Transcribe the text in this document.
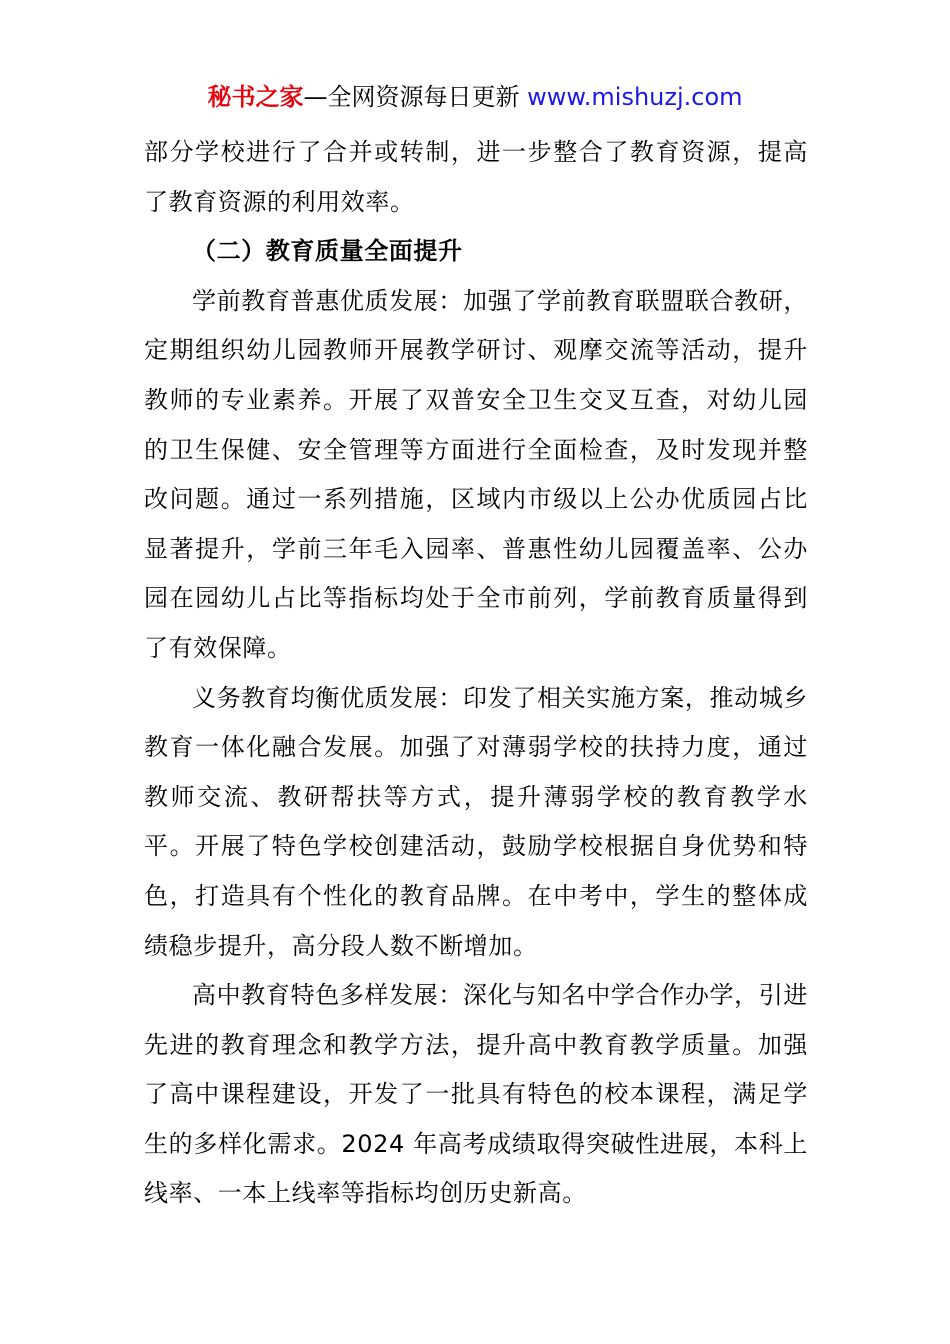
秘书之家—全网资源每日更新 www.mishuzj.com

部分学校进行了合并或转制，进一步整合了教育资源，提高了教育资源的利用效率。

（二）教育质量全面提升

学前教育普惠优质发展：加强了学前教育联盟联合教研，定期组织幼儿园教师开展教学研讨、观摩交流等活动，提升教师的专业素养。开展了双普安全卫生交叉互查，对幼儿园的卫生保健、安全管理等方面进行全面检查，及时发现并整改问题。通过一系列措施，区域内市级以上公办优质园占比显著提升，学前三年毛入园率、普惠性幼儿园覆盖率、公办园在园幼儿占比等指标均处于全市前列，学前教育质量得到了有效保障。

义务教育均衡优质发展：印发了相关实施方案，推动城乡教育一体化融合发展。加强了对薄弱学校的扶持力度，通过教师交流、教研帮扶等方式，提升薄弱学校的教育教学水平。开展了特色学校创建活动，鼓励学校根据自身优势和特色，打造具有个性化的教育品牌。在中考中，学生的整体成绩稳步提升，高分段人数不断增加。

高中教育特色多样发展：深化与知名中学合作办学，引进先进的教育理念和教学方法，提升高中教育教学质量。加强了高中课程建设，开发了一批具有特色的校本课程，满足学生的多样化需求。2024 年高考成绩取得突破性进展，本科上线率、一本上线率等指标均创历史新高。
